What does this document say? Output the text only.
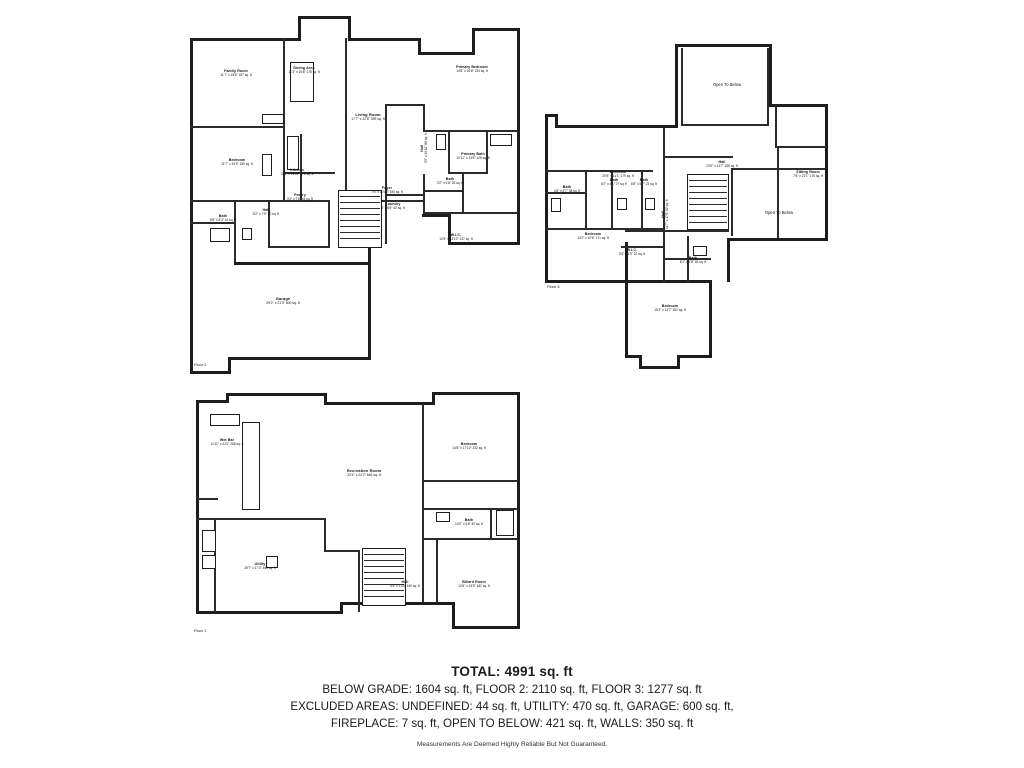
Family Room
11'7" x 15'8" 187 sq. ft
Dining Area
11'3" x 15'8" 178 sq. ft
Living Room
17'7" x 22'8" 399 sq. ft
Primary Bedroom
14'8" x 16'8" 234 sq. ft
Primary Bath
10'11" x 13'8" 128 sq. ft
Bedroom
11'7" x 15'9" 159 sq. ft
Kitchen
11'4" x 14'11" 172 sq. ft
Pantry
3'2" x 7'8" 44 sq. ft
Hall
8'2" x 7'9" 60 sq. ft
Bath
6'8" x 8'3" 41 sq. ft
Bath
3'2" x 6'8" 25 sq. ft
Laundry
8' x 8'5" 42 sq. ft
Foyer
7'8" x 10'10" 190 sq. ft
W.I.C.
12'6" x 13'10" 137 sq. ft
Garage
29'2" x 21'3" 600 sq. ft
Hall 3'5" x 19'10" 68 sq. ft
Floor 2
Bedroom
20'5" x 11'1" 179 sq. ft
Hall
23'0" x 13'7" 208 sq. ft
Sitting Room
7'8" x 22'1" 176 sq. ft
Bath
4'8" x 5'7" 38 sq. ft
Bath
6'2" x 4'1" 27 sq. ft
Bath
6'8" x 5'7" 23 sq. ft
Bedroom
14'2" x 10'6" 171 sq. ft
W.I.C.
3'4" x 6'9" 22 sq. ft
Bath
8'1" x 6'8" 46 sq. ft
Bedroom
15'3" x 12'7" 202 sq. ft
Hall 11'7" x 17'6" 82 sq. ft
Open To Below
Open To Below
Floor 3
Wet Bar
11'11" x 21'0" 258 sq. ft
Recreation Room
32'4" x 22'2" 646 sq. ft
Bedroom
14'8" x 17'10" 232 sq. ft
Bath
14'5" x 6'8" 87 sq. ft
Utility
28'7" x 17'3" 466 sq. ft
Hall
5'5" x 13'8" 160 sq. ft
Billard Room
12'6" x 15'9" 182 sq. ft
Floor 1
TOTAL: 4991 sq. ft
BELOW GRADE: 1604 sq. ft, FLOOR 2: 2110 sq. ft, FLOOR 3: 1277 sq. ft
EXCLUDED AREAS: UNDEFINED: 44 sq. ft, UTILITY: 470 sq. ft, GARAGE: 600 sq. ft,
FIREPLACE: 7 sq. ft, OPEN TO BELOW: 421 sq. ft, WALLS: 350 sq. ft
Measurements Are Deemed Highly Reliable But Not Guaranteed.
